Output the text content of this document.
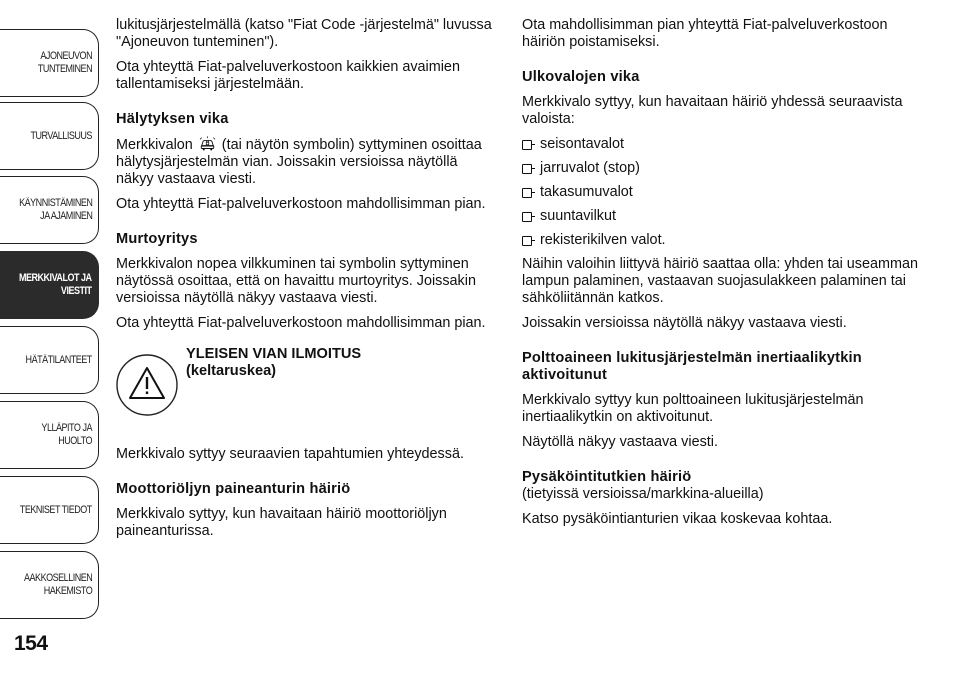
AJONEUVON
TUNTEMINEN
TURVALLISUUS
KÄYNNISTÄMINEN
JA AJAMINEN
MERKKIVALOT JA
VIESTIT
HÄTÄTILANTEET
YLLÄPITO JA HUOLTO
TEKNISET TIEDOT
AAKKOSELLINEN
HAKEMISTO
154

lukitusjärjestelmällä (katso "Fiat Code -järjestelmä" luvussa "Ajoneuvon tunteminen").

Ota yhteyttä Fiat-palveluverkostoon kaikkien avaimien tallentamiseksi järjestelmään.

Hälytyksen vika

Merkkivalon (tai näytön symbolin) syttyminen osoittaa hälytysjärjestelmän vian. Joissakin versioissa näytöllä näkyy vastaava viesti.

Ota yhteyttä Fiat-palveluverkostoon mahdollisimman pian.

Murtoyritys

Merkkivalon nopea vilkkuminen tai symbolin syttyminen näytössä osoittaa, että on havaittu murtoyritys. Joissakin versioissa näytöllä näkyy vastaava viesti.

Ota yhteyttä Fiat-palveluverkostoon mahdollisimman pian.

YLEISEN VIAN ILMOITUS
(keltaruskea)

Merkkivalo syttyy seuraavien tapahtumien yhteydessä.

Moottoriöljyn paineanturin häiriö

Merkkivalo syttyy, kun havaitaan häiriö moottoriöljyn paineanturissa.

Ota mahdollisimman pian yhteyttä Fiat-palveluverkostoon häiriön poistamiseksi.

Ulkovalojen vika

Merkkivalo syttyy, kun havaitaan häiriö yhdessä seuraavista valoista:

seisontavalot
jarruvalot (stop)
takasumuvalot
suuntavilkut
rekisterikilven valot.

Näihin valoihin liittyvä häiriö saattaa olla: yhden tai useamman lampun palaminen, vastaavan suojasulakkeen palaminen tai sähköliitännän katkos.

Joissakin versioissa näytöllä näkyy vastaava viesti.

Polttoaineen lukitusjärjestelmän inertiaalikytkin aktivoitunut

Merkkivalo syttyy kun polttoaineen lukitusjärjestelmän inertiaalikytkin on aktivoitunut.

Näytöllä näkyy vastaava viesti.

Pysäköintitutkien häiriö

(tietyissä versioissa/markkina-alueilla)

Katso pysäköintianturien vikaa koskevaa kohtaa.
